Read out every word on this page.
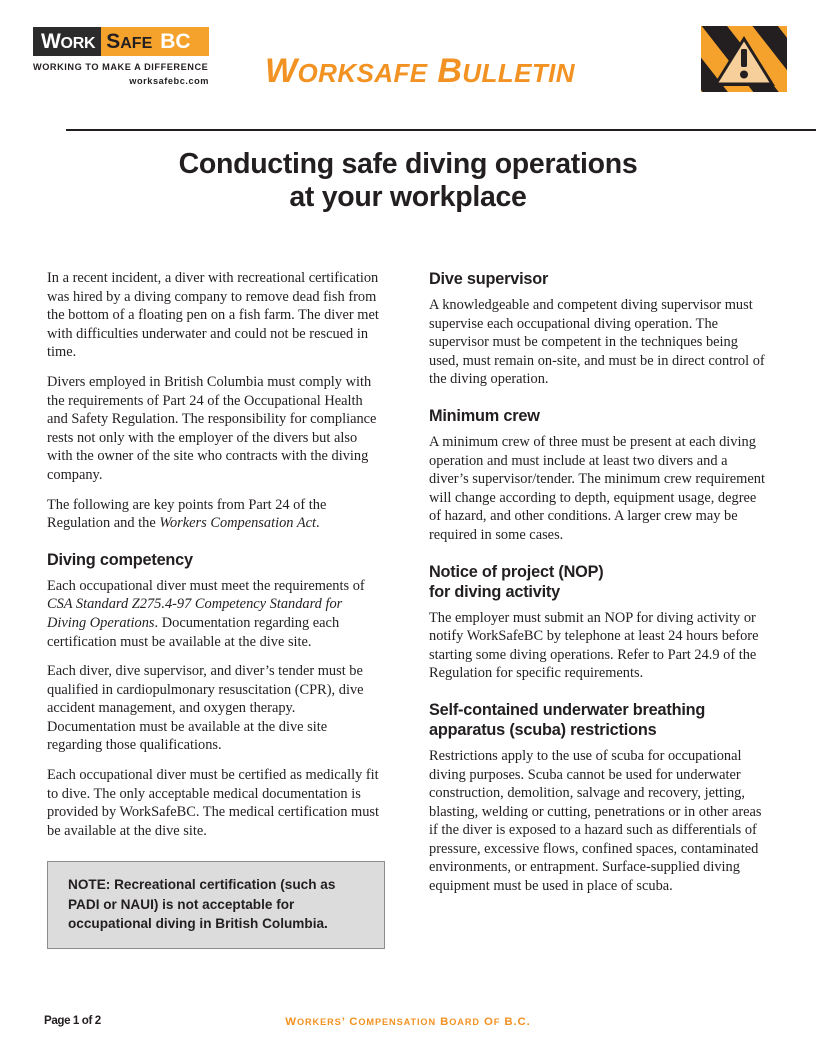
WORK SAFE BC
WORKING TO MAKE A DIFFERENCE
worksafebc.com WORKSAFE BULLETIN
Conducting safe diving operations
at your workplace

In a recent incident, a diver with recreational certification was hired by a diving company to remove dead fish from the bottom of a floating pen on a fish farm. The diver met with difficulties underwater and could not be rescued in time.

Divers employed in British Columbia must comply with the requirements of Part 24 of the Occupational Health and Safety Regulation. The responsibility for compliance rests not only with the employer of the divers but also with the owner of the site who contracts with the diving company.

The following are key points from Part 24 of the Regulation and the Workers Compensation Act.

Diving competency

Each occupational diver must meet the requirements of CSA Standard Z275.4-97 Competency Standard for Diving Operations. Documentation regarding each certification must be available at the dive site.

Each diver, dive supervisor, and diver’s tender must be qualified in cardiopulmonary resuscitation (CPR), dive accident management, and oxygen therapy. Documentation must be available at the dive site regarding those qualifications.

Each occupational diver must be certified as medically fit to dive. The only acceptable medical documentation is provided by WorkSafeBC. The medical certification must be available at the dive site.

NOTE: Recreational certification (such as PADI or NAUI) is not acceptable for occupational diving in British Columbia.

Dive supervisor

A knowledgeable and competent diving supervisor must supervise each occupational diving operation. The supervisor must be competent in the techniques being used, must remain on-site, and must be in direct control of the diving operation.

Minimum crew

A minimum crew of three must be present at each diving operation and must include at least two divers and a diver’s supervisor/tender. The minimum crew requirement will change according to depth, equipment usage, degree of hazard, and other conditions. A larger crew may be required in some cases.

Notice of project (NOP)
for diving activity

The employer must submit an NOP for diving activity or notify WorkSafeBC by telephone at least 24 hours before starting some diving operations. Refer to Part 24.9 of the Regulation for specific requirements.

Self-contained underwater breathing
apparatus (scuba) restrictions

Restrictions apply to the use of scuba for occupational diving purposes. Scuba cannot be used for underwater construction, demolition, salvage and recovery, jetting, blasting, welding or cutting, penetrations or in other areas if the diver is exposed to a hazard such as differentials of pressure, excessive flows, confined spaces, contaminated environments, or entrapment. Surface-supplied diving equipment must be used in place of scuba.

Page 1 of 2	WORKERS’ COMPENSATION BOARD OF B.C.
